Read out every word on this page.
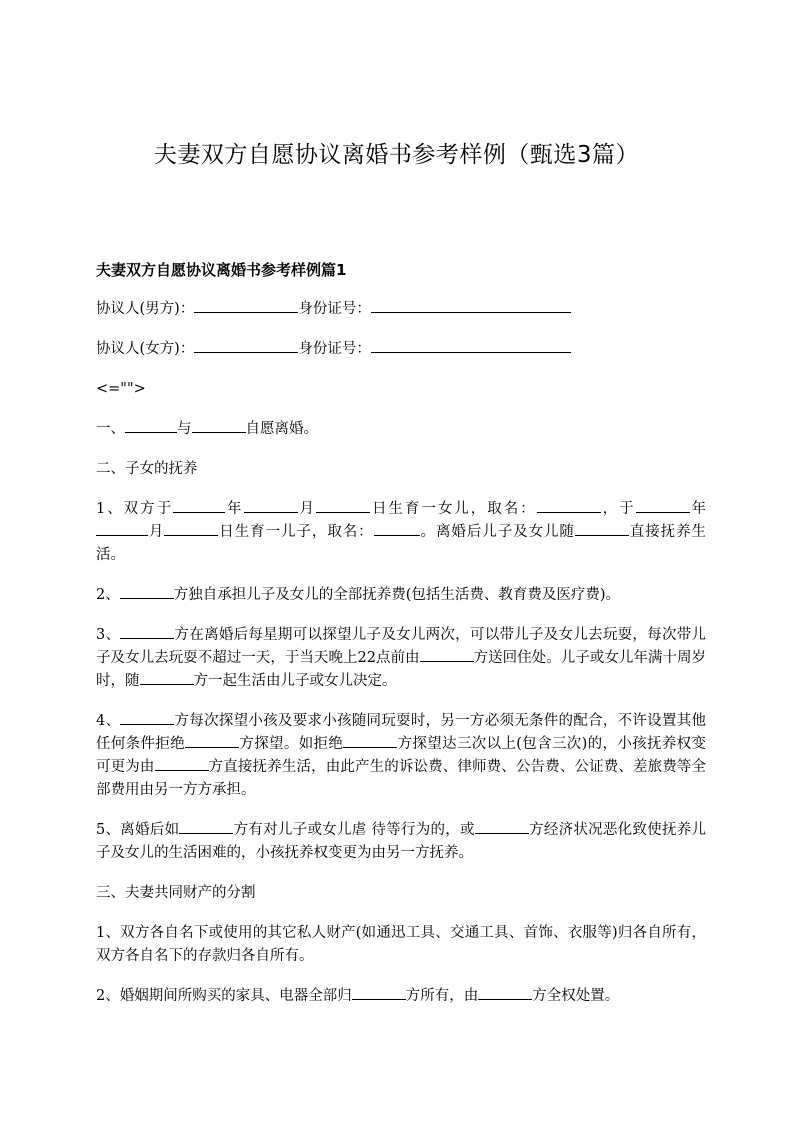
夫妻双方自愿协议离婚书参考样例（甄选3篇）
夫妻双方自愿协议离婚书参考样例篇1

协议人(男方)：	身份证号：

协议人(女方)：	身份证号：

<="">

一、	与	自愿离婚。

二、子女的抚养

1、双方于	年	月	日生育一女儿，取名：	，于	年月	日生育一儿子，取名：	。离婚后儿子及女儿随	直接抚养生活。

2、	方独自承担儿子及女儿的全部抚养费(包括生活费、教育费及医疗费)。

3、	方在离婚后每星期可以探望儿子及女儿两次，可以带儿子及女儿去玩耍，每次带儿子及女儿去玩耍不超过一天，于当天晚上22点前由	方送回住处。儿子或女儿年满十周岁时，随	方一起生活由儿子或女儿决定。

4、	方每次探望小孩及要求小孩随同玩耍时，另一方必须无条件的配合，不许设置其他任何条件拒绝	方探望。如拒绝	方探望达三次以上(包含三次)的，小孩抚养权变可更为由	方直接抚养生活，由此产生的诉讼费、律师费、公告费、公证费、差旅费等全部费用由另一方方承担。

5、离婚后如	方有对儿子或女儿虐 待等行为的，或	方经济状况恶化致使抚养儿子及女儿的生活困难的，小孩抚养权变更为由另一方抚养。

三、夫妻共同财产的分割

1、双方各自名下或使用的其它私人财产(如通迅工具、交通工具、首饰、衣服等)归各自所有，双方各自名下的存款归各自所有。

2、婚姻期间所购买的家具、电器全部归	方所有，由	方全权处置。
